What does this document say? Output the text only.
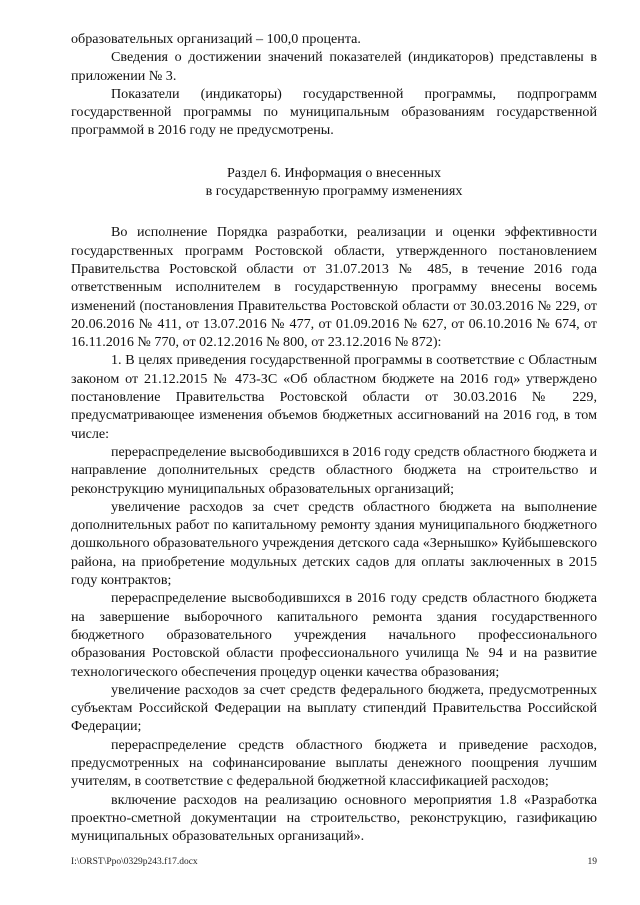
образовательных организаций – 100,0 процента.

Сведения о достижении значений показателей (индикаторов) представлены в приложении № 3.

Показатели (индикаторы) государственной программы, подпрограмм государственной программы по муниципальным образованиям государственной программой в 2016 году не предусмотрены.

Раздел 6. Информация о внесенных
в государственную программу изменениях

Во исполнение Порядка разработки, реализации и оценки эффективности государственных программ Ростовской области, утвержденного постановлением Правительства Ростовской области от 31.07.2013 № 485, в течение 2016 года ответственным исполнителем в государственную программу внесены восемь изменений (постановления Правительства Ростовской области от 30.03.2016 № 229, от 20.06.2016 № 411, от 13.07.2016 № 477, от 01.09.2016 № 627, от 06.10.2016 № 674, от 16.11.2016 № 770, от 02.12.2016 № 800, от 23.12.2016 № 872):

1. В целях приведения государственной программы в соответствие с Областным законом от 21.12.2015 № 473-ЗС «Об областном бюджете на 2016 год» утверждено постановление Правительства Ростовской области от 30.03.2016 № 229, предусматривающее изменения объемов бюджетных ассигнований на 2016 год, в том числе:

перераспределение высвободившихся в 2016 году средств областного бюджета и направление дополнительных средств областного бюджета на строительство и реконструкцию муниципальных образовательных организаций;

увеличение расходов за счет средств областного бюджета на выполнение дополнительных работ по капитальному ремонту здания муниципального бюджетного дошкольного образовательного учреждения детского сада «Зернышко» Куйбышевского района, на приобретение модульных детских садов для оплаты заключенных в 2015 году контрактов;

перераспределение высвободившихся в 2016 году средств областного бюджета на завершение выборочного капитального ремонта здания государственного бюджетного образовательного учреждения начального профессионального образования Ростовской области профессионального училища № 94 и на развитие технологического обеспечения процедур оценки качества образования;

увеличение расходов за счет средств федерального бюджета, предусмотренных субъектам Российской Федерации на выплату стипендий Правительства Российской Федерации;

перераспределение средств областного бюджета и приведение расходов, предусмотренных на софинансирование выплаты денежного поощрения лучшим учителям, в соответствие с федеральной бюджетной классификацией расходов;

включение расходов на реализацию основного мероприятия 1.8 «Разработка проектно-сметной документации на строительство, реконструкцию, газификацию муниципальных образовательных организаций».

I:\ORST\Ppo\0329p243.f17.docx	19
